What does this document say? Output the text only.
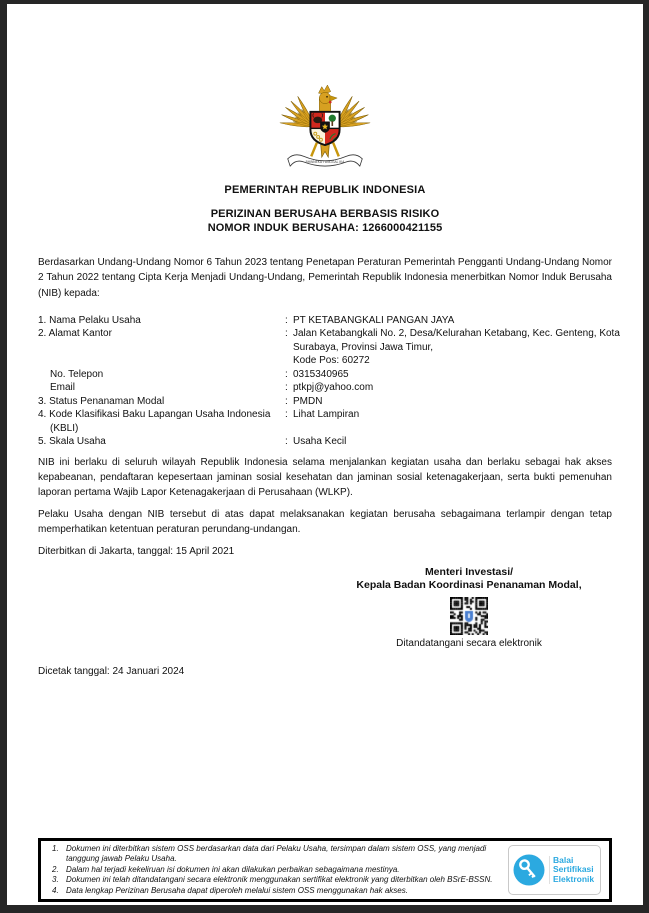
BHINNEKA TUNGGAL IKA
PEMERINTAH REPUBLIK INDONESIA
PERIZINAN BERUSAHA BERBASIS RISIKO
NOMOR INDUK BERUSAHA: 1266000421155

Berdasarkan Undang-Undang Nomor 6 Tahun 2023 tentang Penetapan Peraturan Pemerintah Pengganti Undang-Undang Nomor 2 Tahun 2022 tentang Cipta Kerja Menjadi Undang-Undang, Pemerintah Republik Indonesia menerbitkan Nomor Induk Berusaha (NIB) kepada:

1. Nama Pelaku Usaha	: PT KETABANGKALI PANGAN JAYA
2. Alamat Kantor	: Jalan Ketabangkali No. 2, Desa/Kelurahan Ketabang, Kec. Genteng, Kota
Surabaya, Provinsi Jawa Timur,
Kode Pos: 60272
No. Telepon	: 0315340965
Email	: ptkpj@yahoo.com
3. Status Penanaman Modal	: PMDN
4. Kode Klasifikasi Baku Lapangan Usaha Indonesia
(KBLI)
: Lihat Lampiran
5. Skala Usaha	: Usaha Kecil

NIB ini berlaku di seluruh wilayah Republik Indonesia selama menjalankan kegiatan usaha dan berlaku sebagai hak akses kepabeanan, pendaftaran kepesertaan jaminan sosial kesehatan dan jaminan sosial ketenagakerjaan, serta bukti pemenuhan laporan pertama Wajib Lapor Ketenagakerjaan di Perusahaan (WLKP).

Pelaku Usaha dengan NIB tersebut di atas dapat melaksanakan kegiatan berusaha sebagaimana terlampir dengan tetap memperhatikan ketentuan peraturan perundang-undangan.

Diterbitkan di Jakarta, tanggal: 15 April 2021

Menteri Investasi/
Kepala Badan Koordinasi Penanaman Modal,
Ditandatangani secara elektronik

Dicetak tanggal: 24 Januari 2024

1. Dokumen ini diterbitkan sistem OSS berdasarkan data dari Pelaku Usaha, tersimpan dalam sistem OSS, yang menjadi tanggung jawab Pelaku Usaha.
2. Dalam hal terjadi kekeliruan isi dokumen ini akan dilakukan perbaikan sebagaimana mestinya.
3. Dokumen ini telah ditandatangani secara elektronik menggunakan sertifikat elektronik yang diterbitkan oleh BSrE-BSSN.
4. Data lengkap Perizinan Berusaha dapat diperoleh melalui sistem OSS menggunakan hak akses.
Balai
Sertifikasi
Elektronik
